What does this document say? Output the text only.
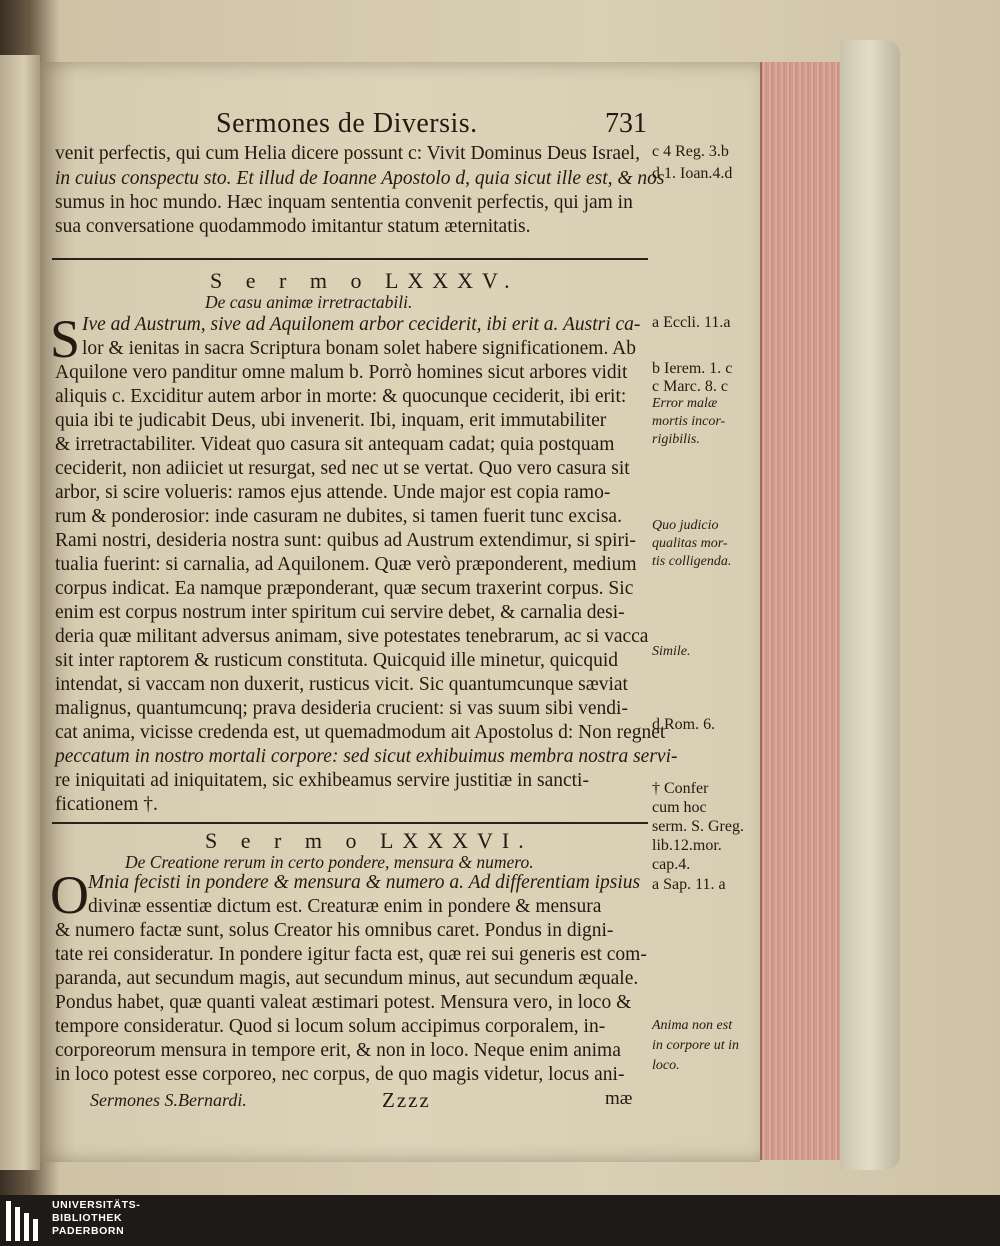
Sermones de Diversis.	731
venit perfectis, qui cum Helia dicere possunt c: Vivit Dominus Deus Israel,
in cuius conspectu sto. Et illud de Ioanne Apostolo d, quia sicut ille est, & nos
sumus in hoc mundo. Hæc inquam sententia convenit perfectis, qui jam in
sua conversatione quodammodo imitantur statum æternitatis.
S e r m o LXXXV.
De casu animæ irretractabili.
S Ive ad Austrum, sive ad Aquilonem arbor ceciderit, ibi erit a. Austri ca-
lor & ienitas in sacra Scriptura bonam solet habere significationem. Ab
Aquilone vero panditur omne malum b. Porrò homines sicut arbores vidit
aliquis c. Exciditur autem arbor in morte: & quocunque ceciderit, ibi erit:
quia ibi te judicabit Deus, ubi invenerit. Ibi, inquam, erit immutabiliter
& irretractabiliter. Videat quo casura sit antequam cadat; quia postquam
ceciderit, non adiiciet ut resurgat, sed nec ut se vertat. Quo vero casura sit
arbor, si scire volueris: ramos ejus attende. Unde major est copia ramo-
rum & ponderosior: inde casuram ne dubites, si tamen fuerit tunc excisa.
Rami nostri, desideria nostra sunt: quibus ad Austrum extendimur, si spiri-
tualia fuerint: si carnalia, ad Aquilonem. Quæ verò præponderent, medium
corpus indicat. Ea namque præponderant, quæ secum traxerint corpus. Sic
enim est corpus nostrum inter spiritum cui servire debet, & carnalia desi-
deria quæ militant adversus animam, sive potestates tenebrarum, ac si vacca
sit inter raptorem & rusticum constituta. Quicquid ille minetur, quicquid
intendat, si vaccam non duxerit, rusticus vicit. Sic quantumcunque sæviat
malignus, quantumcunq; prava desideria crucient: si vas suum sibi vendi-
cat anima, vicisse credenda est, ut quemadmodum ait Apostolus d: Non regnet
peccatum in nostro mortali corpore: sed sicut exhibuimus membra nostra servi-
re iniquitati ad iniquitatem, sic exhibeamus servire justitiæ in sancti-
ficationem †.
S e r m o LXXXVI.
De Creatione rerum in certo pondere, mensura & numero.
O Mnia fecisti in pondere & mensura & numero a. Ad differentiam ipsius
divinæ essentiæ dictum est. Creaturæ enim in pondere & mensura
& numero factæ sunt, solus Creator his omnibus caret. Pondus in digni-
tate rei consideratur. In pondere igitur facta est, quæ rei sui generis est com-
paranda, aut secundum magis, aut secundum minus, aut secundum æquale.
Pondus habet, quæ quanti valeat æstimari potest. Mensura vero, in loco &
tempore consideratur. Quod si locum solum accipimus corporalem, in-
corporeorum mensura in tempore erit, & non in loco. Neque enim anima
in loco potest esse corporeo, nec corpus, de quo magis videtur, locus ani-
Sermones S.Bernardi.	Zzzz	mæ
c 4 Reg. 3.b
d 1. Ioan.4.d
a Eccli. 11.a
b Ierem. 1. c
c Marc. 8. c
Error malæ
mortis incor-
rigibilis.
Quo judicio
qualitas mor-
tis colligenda.
Simile.
d Rom. 6.
† Confer
cum hoc
serm. S. Greg.
lib.12.mor.
cap.4.
a Sap. 11. a
Anima non est
in corpore ut in
loco.
UNIVERSITÄTS-
BIBLIOTHEK
PADERBORN
